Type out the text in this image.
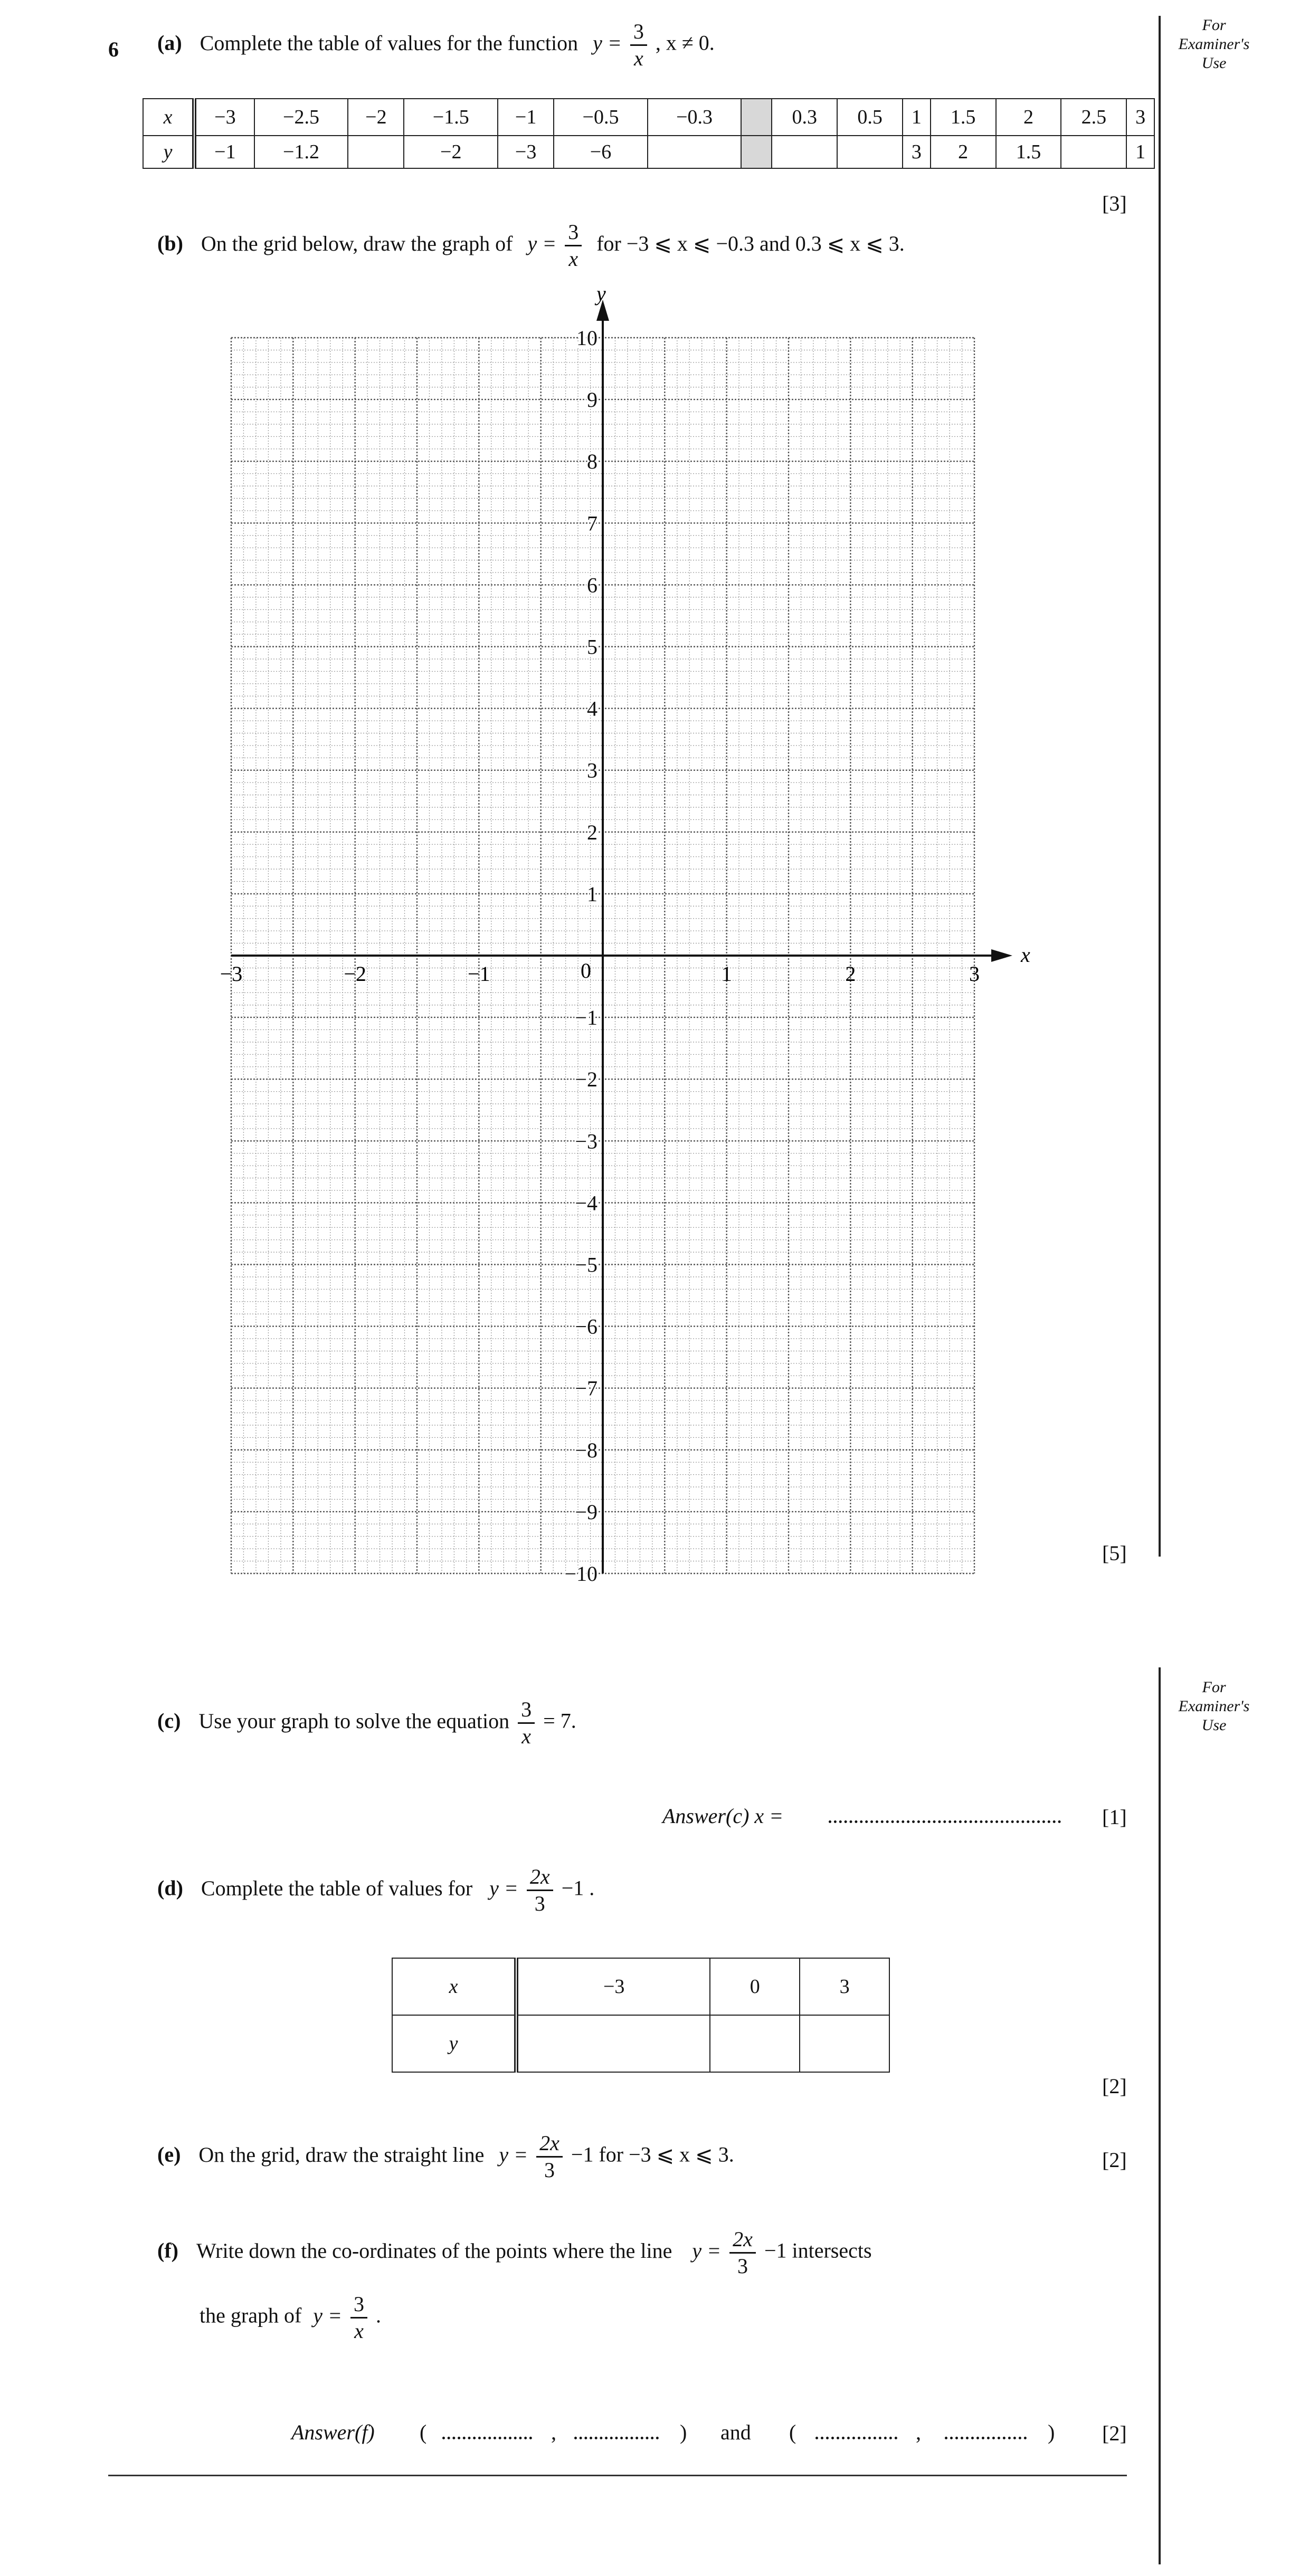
For
Examiner's
Use
For
Examiner's
Use
6 (a) Complete the table of values for the function $y = \frac{3}{x}$ , x ≠ 0.
x	−3	−2.5	−2	−1.5	−1	−0.5	−0.3		0.3	0.5	1	1.5	2	2.5	3
y	−1	−1.2		−2	−3	−6					3	2	1.5		1
[3]
(b) On the grid below, draw the graph of $y = \frac{3}{x}$ for −3 ⩽ x ⩽ −0.3 and 0.3 ⩽ x ⩽ 3.
x
y
0
−3	−2	−1	1	2	3
10
9
8
7
6
5
4
3
2
1
−1
−2
−3
−4
−5
−6
−7
−8
−9
−10
[5]
(c) Use your graph to solve the equation $\frac{3}{x} = 7$.
Answer(c) x =	[1]
(d) Complete the table of values for $y = \frac{2x}{3} -1$ .
x	−3	0	3
y			
[2]
(e) On the grid, draw the straight line $y = \frac{2x}{3} -1$ for −3 ⩽ x ⩽ 3.	[2]
(f) Write down the co-ordinates of the points where the line $y = \frac{2x}{3} -1$ intersects
the graph of $y = \frac{3}{x}$ .
Answer(f) (	,	) and (	,	) [2]
